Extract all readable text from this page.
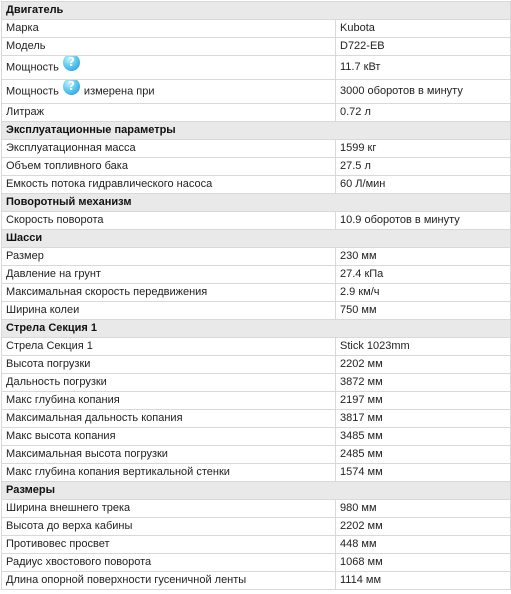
Двигатель	
Марка	Kubota
Модель	D722-EB
Мощность?	11.7 кВт
Мощность ? измерена при	3000 оборотов в минуту
Литраж	0.72 л
Эксплуатационные параметры	
Эксплуатационная масса	1599 кг
Объем топливного бака	27.5 л
Емкость потока гидравлического насоса	60 Л/мин
Поворотный механизм	
Скорость поворота	10.9 оборотов в минуту
Шасси	
Размер	230 мм
Давление на грунт	27.4 кПа
Максимальная скорость передвижения	2.9 км/ч
Ширина колеи	750 мм
Стрела Секция 1	
Стрела Секция 1	Stick 1023mm
Высота погрузки	2202 мм
Дальность погрузки	3872 мм
Макс глубина копания	2197 мм
Максимальная дальность копания	3817 мм
Макс высота копания	3485 мм
Максимальная высота погрузки	2485 мм
Макс глубина копания вертикальной стенки	1574 мм
Размеры	
Ширина внешнего трека	980 мм
Высота до верха кабины	2202 мм
Противовес просвет	448 мм
Радиус хвостового поворота	1068 мм
Длина опорной поверхности гусеничной ленты	1114 мм
